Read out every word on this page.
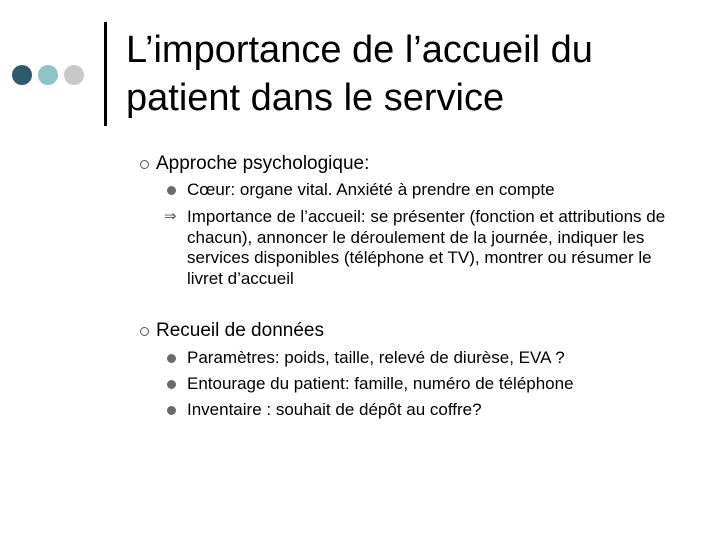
L’importance de l’accueil du patient dans le service
Approche psychologique:
Cœur: organe vital. Anxiété à prendre en compte
⇒ Importance de l’accueil: se présenter (fonction et attributions de chacun), annoncer le déroulement de la journée, indiquer les services disponibles (téléphone et TV), montrer ou résumer le livret d’accueil
Recueil de données
Paramètres: poids, taille, relevé de diurèse, EVA ?
Entourage du patient: famille, numéro de téléphone
Inventaire : souhait de dépôt au coffre?
